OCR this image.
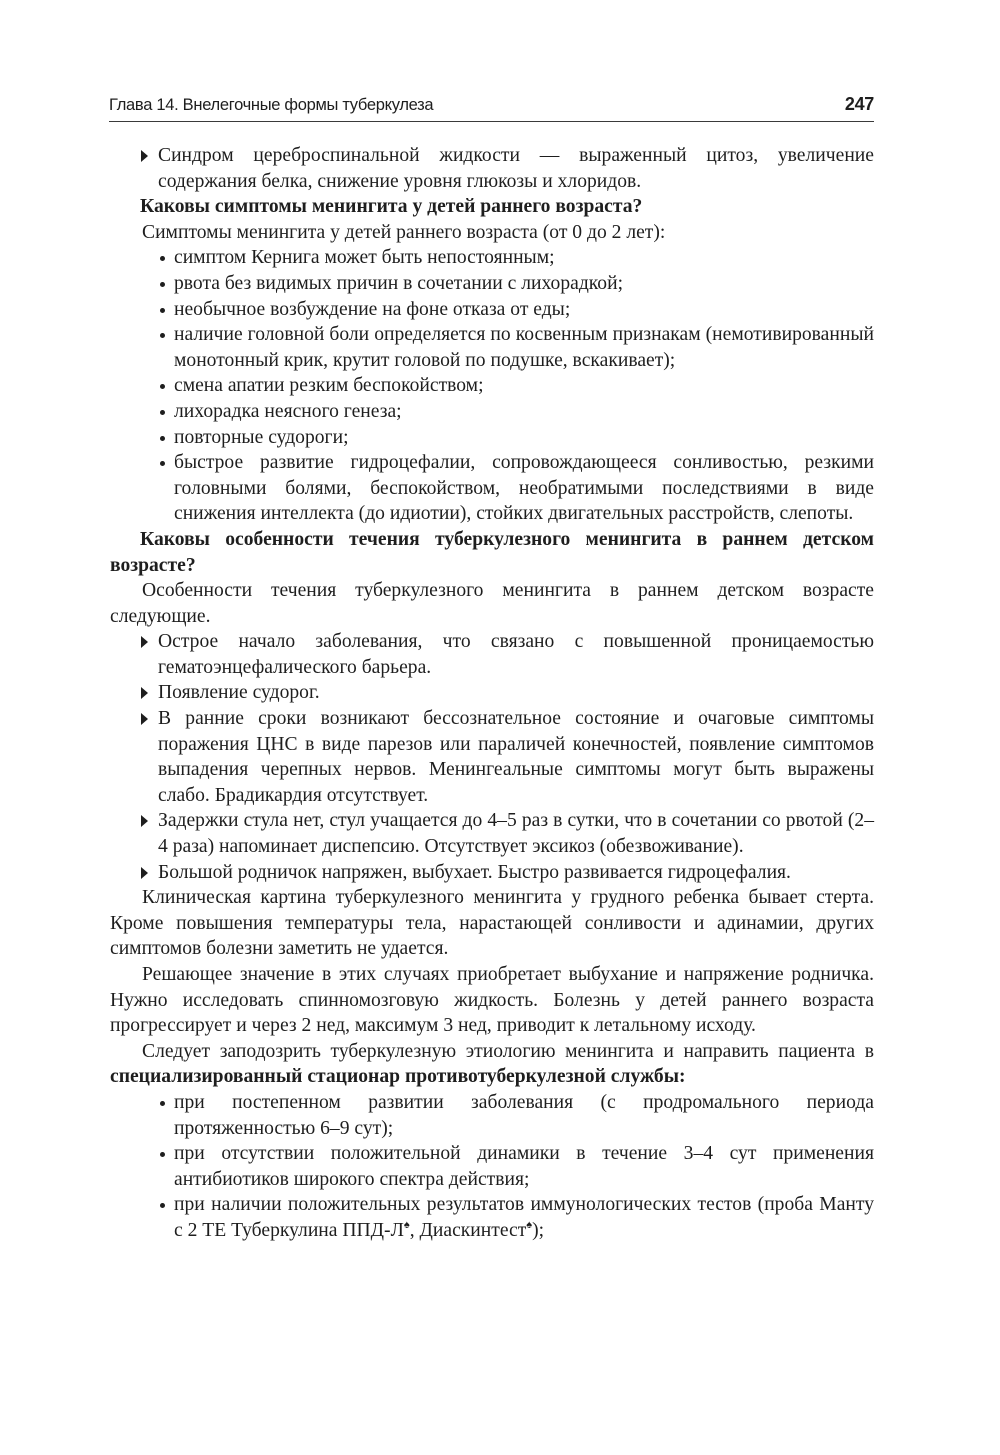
Глава 14. Внелегочные формы туберкулеза	247

Синдром цереброспинальной жидкости — выраженный цитоз, увеличение содержания белка, снижение уровня глюкозы и хлоридов.

Каковы симптомы менингита у детей раннего возраста?

Симптомы менингита у детей раннего возраста (от 0 до 2 лет):

симптом Кернига может быть непостоянным;

рвота без видимых причин в сочетании с лихорадкой;

необычное возбуждение на фоне отказа от еды;

наличие головной боли определяется по косвенным признакам (немотивированный монотонный крик, крутит головой по подушке, вскакивает);

смена апатии резким беспокойством;

лихорадка неясного генеза;

повторные судороги;

быстрое развитие гидроцефалии, сопровождающееся сонливостью, резкими головными болями, беспокойством, необратимыми последствиями в виде снижения интеллекта (до идиотии), стойких двигательных расстройств, слепоты.

Каковы особенности течения туберкулезного менингита в раннем детском возрасте?

Особенности течения туберкулезного менингита в раннем детском возрасте следующие.

Острое начало заболевания, что связано с повышенной проницаемостью гематоэнцефалического барьера.

Появление судорог.

В ранние сроки возникают бессознательное состояние и очаговые симптомы поражения ЦНС в виде парезов или параличей конечностей, появление симптомов выпадения черепных нервов. Менингеальные симптомы могут быть выражены слабо. Брадикардия отсутствует.

Задержки стула нет, стул учащается до 4–5 раз в сутки, что в сочетании со рвотой (2–4 раза) напоминает диспепсию. Отсутствует эксикоз (обезвоживание).

Большой родничок напряжен, выбухает. Быстро развивается гидроцефалия.

Клиническая картина туберкулезного менингита у грудного ребенка бывает стерта. Кроме повышения температуры тела, нарастающей сонливости и адинамии, других симптомов болезни заметить не удается.

Решающее значение в этих случаях приобретает выбухание и напряжение родничка. Нужно исследовать спинномозговую жидкость. Болезнь у детей раннего возраста прогрессирует и через 2 нед, максимум 3 нед, приводит к летальному исходу.

Следует заподозрить туберкулезную этиологию менингита и направить пациента в специализированный стационар противотуберкулезной службы:

при постепенном развитии заболевания (с продромального периода протяженностью 6–9 сут);

при отсутствии положительной динамики в течение 3–4 сут применения антибиотиков широкого спектра действия;

при наличии положительных результатов иммунологических тестов (проба Манту с 2 ТЕ Туберкулина ППД-Л♠, Диаскинтест♠);
